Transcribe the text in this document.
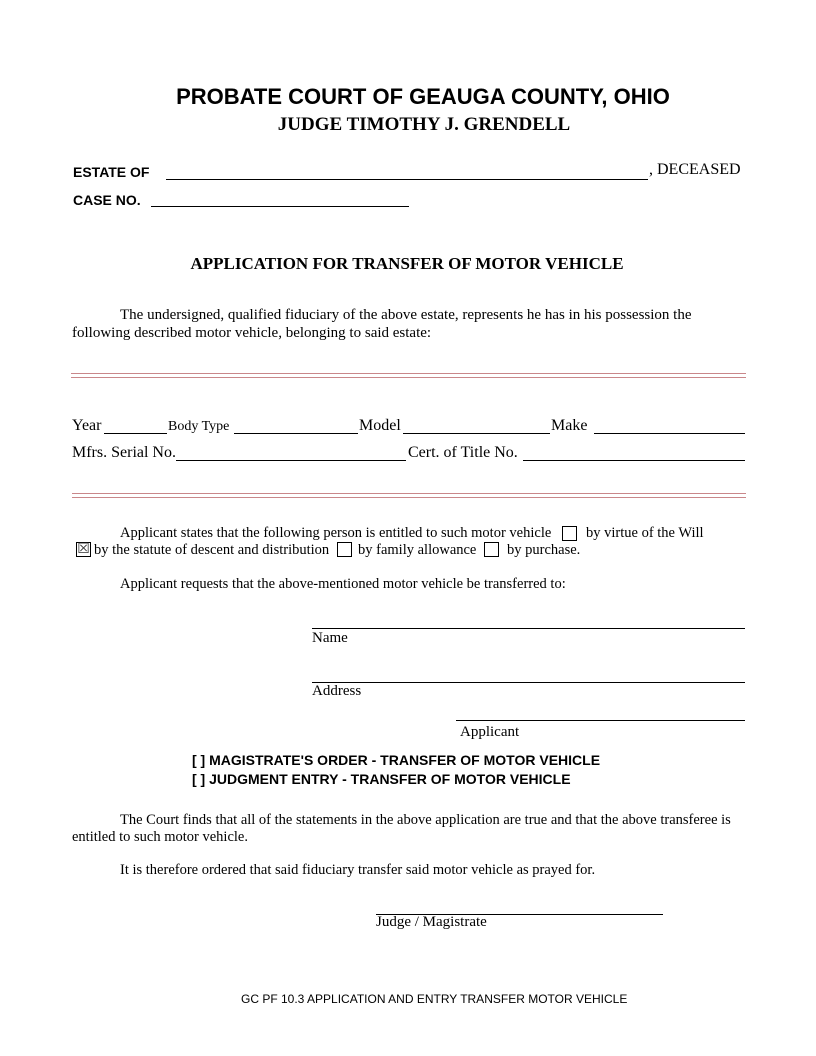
PROBATE COURT OF GEAUGA COUNTY, OHIO
JUDGE TIMOTHY J. GRENDELL
ESTATE OF	, DECEASED
CASE NO.
APPLICATION FOR TRANSFER OF MOTOR VEHICLE
The undersigned, qualified fiduciary of the above estate, represents he has in his possession the
following described motor vehicle, belonging to said estate:
Year	Body Type	Model	Make
Mfrs. Serial No.	Cert. of Title No.
Applicant states that the following person is entitled to such motor vehicle by virtue of the Will
☒ by the statute of descent and distribution by family allowance by purchase.
Applicant requests that the above-mentioned motor vehicle be transferred to:
Name
Address
Applicant
[ ] MAGISTRATE'S ORDER - TRANSFER OF MOTOR VEHICLE
[ ] JUDGMENT ENTRY - TRANSFER OF MOTOR VEHICLE
The Court finds that all of the statements in the above application are true and that the above transferee is
entitled to such motor vehicle.
It is therefore ordered that said fiduciary transfer said motor vehicle as prayed for.
Judge / Magistrate
GC PF 10.3 APPLICATION AND ENTRY TRANSFER MOTOR VEHICLE
